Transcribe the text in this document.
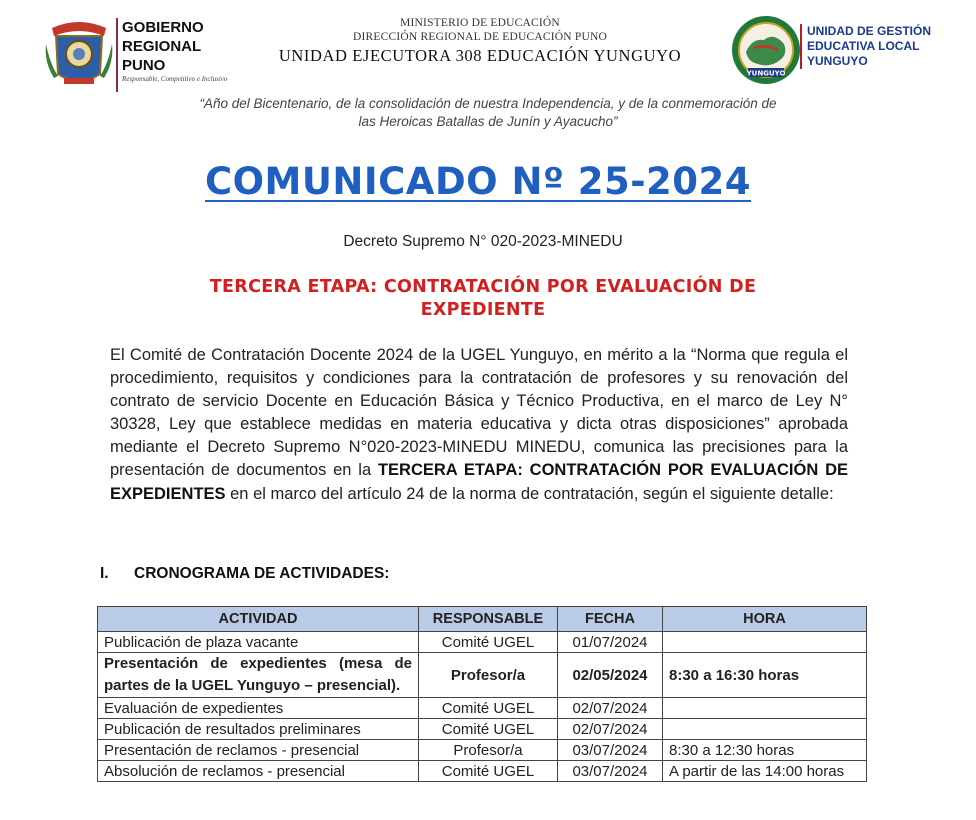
GOBIERNO
REGIONAL
PUNO
Responsable, Competitivo e Inclusivo
MINISTERIO DE EDUCACIÓN
DIRECCIÓN REGIONAL DE EDUCACIÓN PUNO
UNIDAD EJECUTORA 308 EDUCACIÓN YUNGUYO
YUNGUYO
UNIDAD DE GESTIÓN
EDUCATIVA LOCAL
YUNGUYO
“Año del Bicentenario, de la consolidación de nuestra Independencia, y de la conmemoración de
las Heroicas Batallas de Junín y Ayacucho”
COMUNICADO Nº 25-2024
Decreto Supremo N° 020-2023-MINEDU
TERCERA ETAPA: CONTRATACIÓN POR EVALUACIÓN DE
EXPEDIENTE
El Comité de Contratación Docente 2024 de la UGEL Yunguyo, en mérito a la “Norma que regula el procedimiento, requisitos y condiciones para la contratación de profesores y su renovación del contrato de servicio Docente en Educación Básica y Técnico Productiva, en el marco de Ley N° 30328, Ley que establece medidas en materia educativa y dicta otras disposiciones” aprobada mediante el Decreto Supremo N°020-2023-MINEDU MINEDU, comunica las precisiones para la presentación de documentos en la TERCERA ETAPA: CONTRATACIÓN POR EVALUACIÓN DE EXPEDIENTES en el marco del artículo 24 de la norma de contratación, según el siguiente detalle:
I. CRONOGRAMA DE ACTIVIDADES:
ACTIVIDAD	RESPONSABLE	FECHA	HORA
Publicación de plaza vacante	Comité UGEL	01/07/2024	
Presentación de expedientes (mesa de partes de la UGEL Yunguyo – presencial).	Profesor/a	02/05/2024	8:30 a 16:30 horas
Evaluación de expedientes	Comité UGEL	02/07/2024	
Publicación de resultados preliminares	Comité UGEL	02/07/2024	
Presentación de reclamos - presencial	Profesor/a	03/07/2024	8:30 a 12:30 horas
Absolución de reclamos - presencial	Comité UGEL	03/07/2024	A partir de las 14:00 horas
